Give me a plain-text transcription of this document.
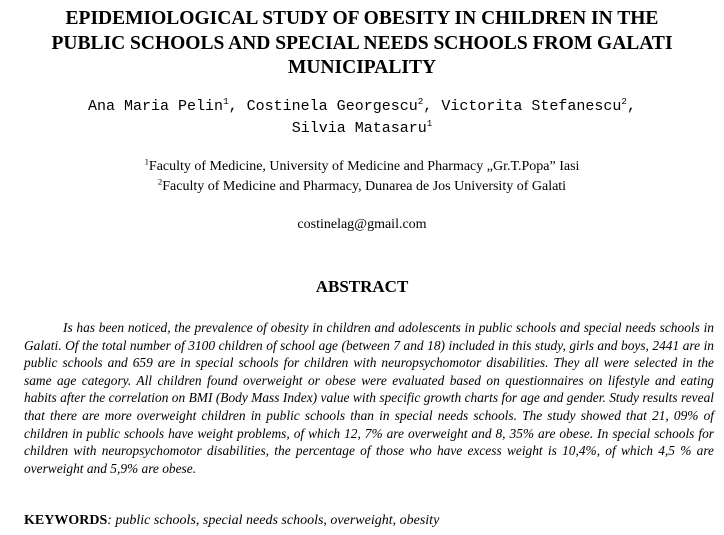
EPIDEMIOLOGICAL STUDY OF OBESITY IN CHILDREN IN THE
PUBLIC SCHOOLS AND SPECIAL NEEDS SCHOOLS FROM GALATI
MUNICIPALITY
Ana Maria Pelin$^1$, Costinela Georgescu$^2$, Victorita Stefanescu$^2$,
Silvia Matasaru$^1$
$^1$Faculty of Medicine, University of Medicine and Pharmacy „Gr.T.Popa” Iasi
$^2$Faculty of Medicine and Pharmacy, Dunarea de Jos University of Galati
costinelag@gmail.com
ABSTRACT
Is has been noticed, the prevalence of obesity in children and adolescents in public schools and special needs schools in Galati. Of the total number of 3100 children of school age (between 7 and 18) included in this study, girls and boys, 2441 are in public schools and 659 are in special schools for children with neuropsychomotor disabilities. They all were selected in the same age category. All children found overweight or obese were evaluated based on questionnaires on lifestyle and eating habits after the correlation on BMI (Body Mass Index) value with specific growth charts for age and gender. Study results reveal that there are more overweight children in public schools than in special needs schools. The study showed that 21, 09% of children in public schools have weight problems, of which 12, 7% are overweight and 8, 35% are obese. In special schools for children with neuropsychomotor disabilities, the percentage of those who have excess weight is 10,4%, of which 4,5 % are overweight and 5,9% are obese.
KEYWORDS: public schools, special needs schools, overweight, obesity
